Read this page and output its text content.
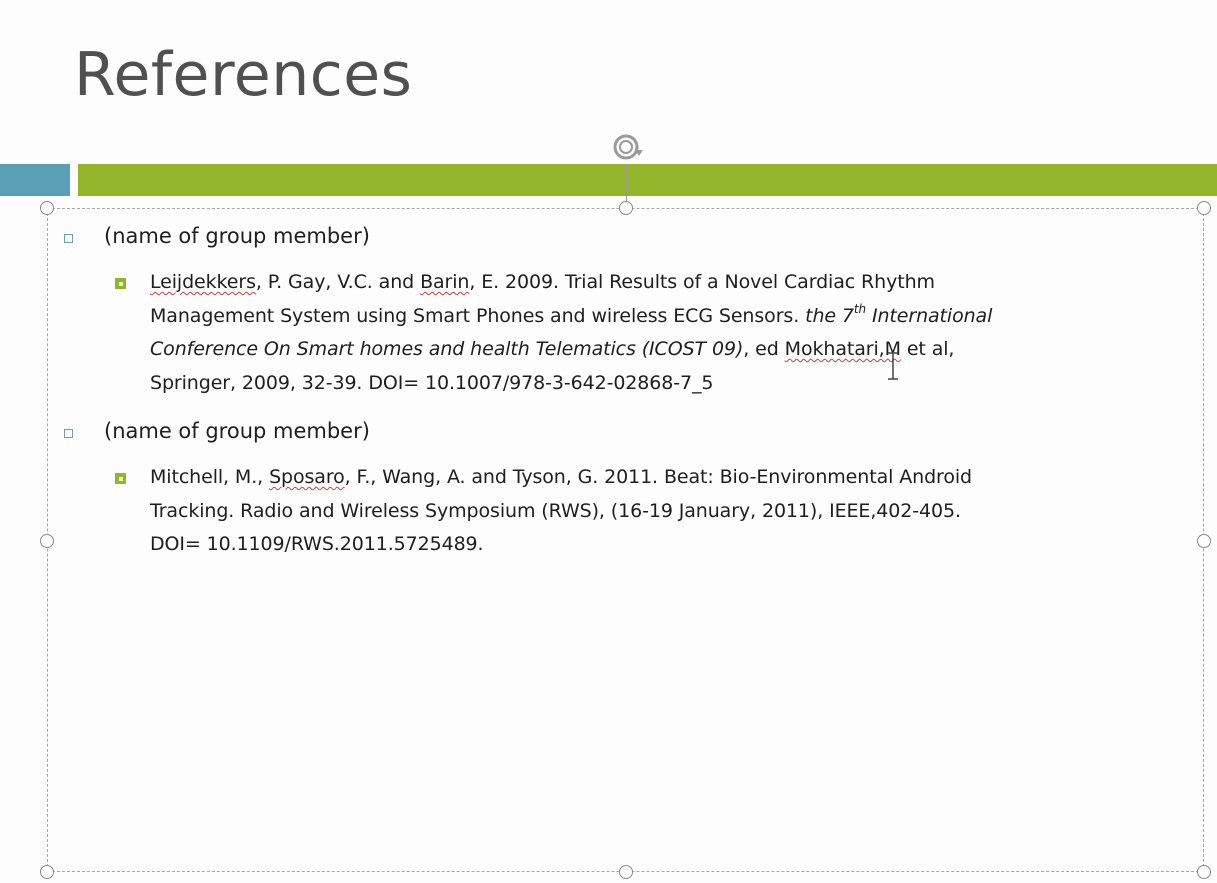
References
(name of group member)
Leijdekkers, P. Gay, V.C. and Barin, E. 2009. Trial Results of a Novel Cardiac Rhythm
Management System using Smart Phones and wireless ECG Sensors. the 7th International
Conference On Smart homes and health Telematics (ICOST 09), ed Mokhatari,M et al,
Springer, 2009, 32-39. DOI= 10.1007/978-3-642-02868-7_5
(name of group member)
Mitchell, M., Sposaro, F., Wang, A. and Tyson, G. 2011. Beat: Bio-Environmental Android
Tracking. Radio and Wireless Symposium (RWS), (16-19 January, 2011), IEEE,402-405.
DOI= 10.1109/RWS.2011.5725489.
